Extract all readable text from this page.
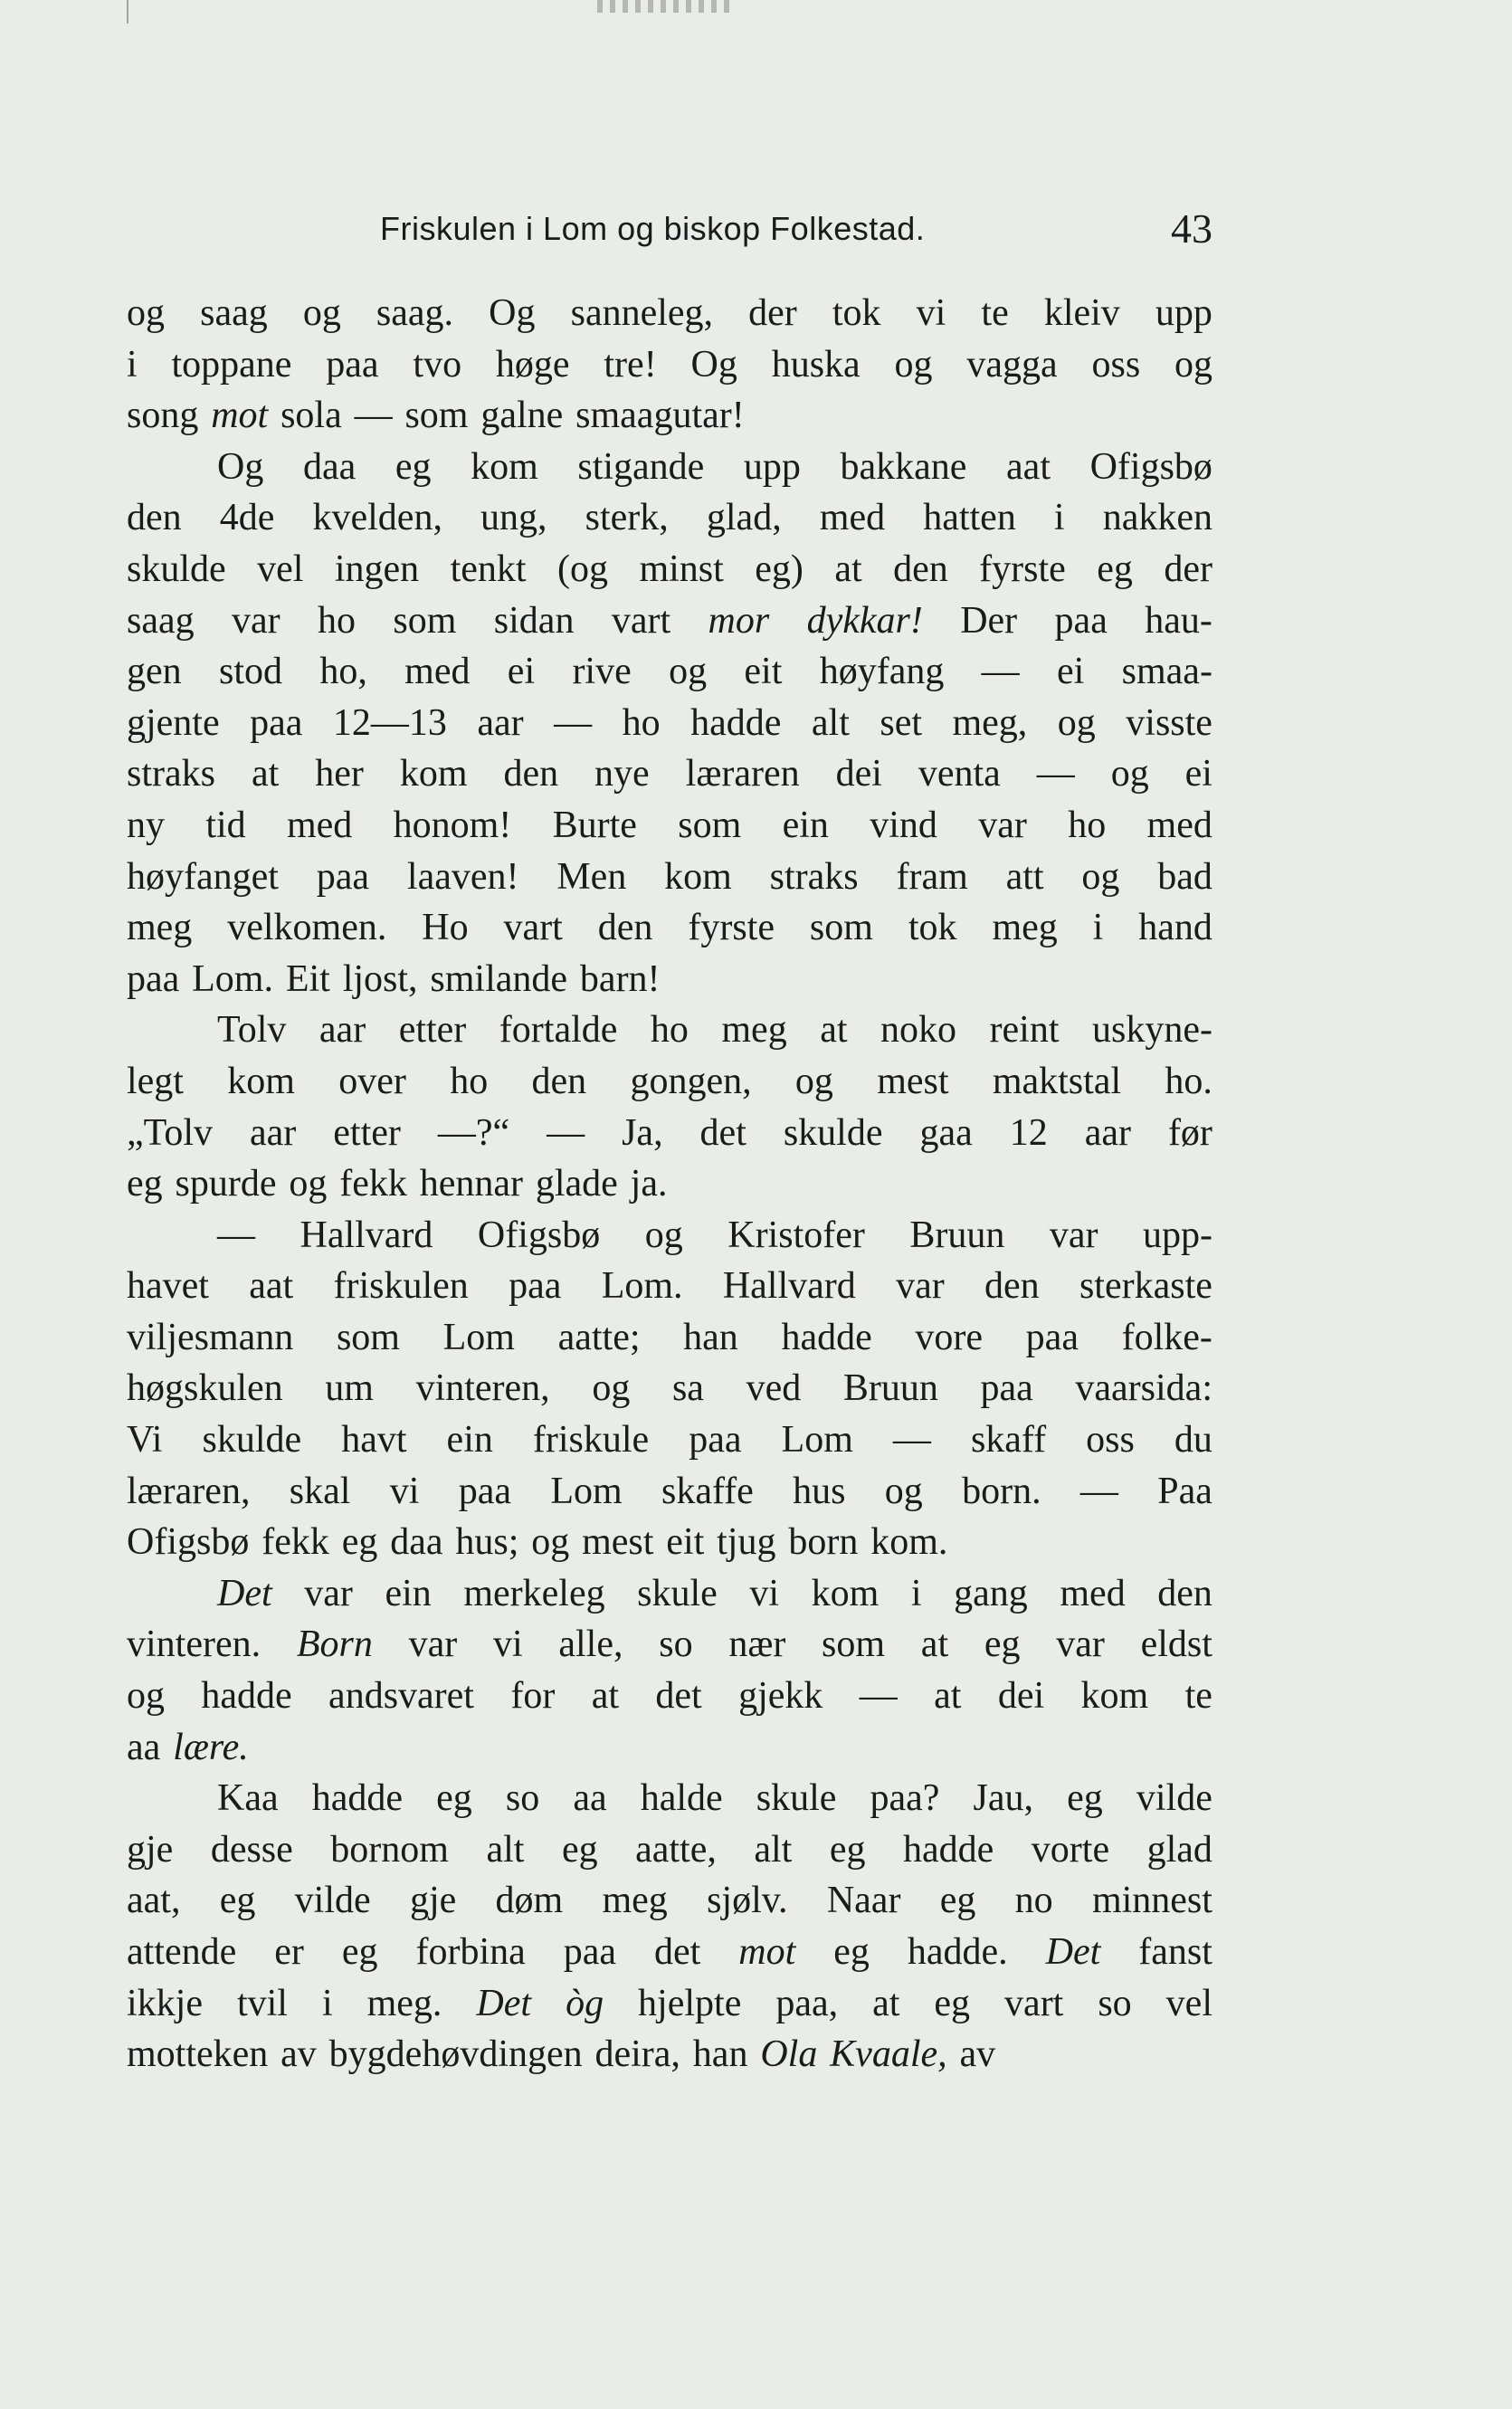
Friskulen i Lom og biskop Folkestad.	43
og saag og saag. Og sanneleg, der tok vi te kleiv upp
i toppane paa tvo høge tre! Og huska og vagga oss og
song mot sola — som galne smaagutar!
Og daa eg kom stigande upp bakkane aat Ofigsbø
den 4de kvelden, ung, sterk, glad, med hatten i nakken
skulde vel ingen tenkt (og minst eg) at den fyrste eg der
saag var ho som sidan vart mor dykkar! Der paa hau-
gen stod ho, med ei rive og eit høyfang — ei smaa-
gjente paa 12—13 aar — ho hadde alt set meg, og visste
straks at her kom den nye læraren dei venta — og ei
ny tid med honom! Burte som ein vind var ho med
høyfanget paa laaven! Men kom straks fram att og bad
meg velkomen. Ho vart den fyrste som tok meg i hand
paa Lom. Eit ljost, smilande barn!
Tolv aar etter fortalde ho meg at noko reint uskyne-
legt kom over ho den gongen, og mest maktstal ho.
„Tolv aar etter —?“ — Ja, det skulde gaa 12 aar før
eg spurde og fekk hennar glade ja.
— Hallvard Ofigsbø og Kristofer Bruun var upp-
havet aat friskulen paa Lom. Hallvard var den sterkaste
viljesmann som Lom aatte; han hadde vore paa folke-
høgskulen um vinteren, og sa ved Bruun paa vaarsida:
Vi skulde havt ein friskule paa Lom — skaff oss du
læraren, skal vi paa Lom skaffe hus og born. — Paa
Ofigsbø fekk eg daa hus; og mest eit tjug born kom.
Det var ein merkeleg skule vi kom i gang med den
vinteren. Born var vi alle, so nær som at eg var eldst
og hadde andsvaret for at det gjekk — at dei kom te
aa lære.
Kaa hadde eg so aa halde skule paa? Jau, eg vilde
gje desse bornom alt eg aatte, alt eg hadde vorte glad
aat, eg vilde gje døm meg sjølv. Naar eg no minnest
attende er eg forbina paa det mot eg hadde. Det fanst
ikkje tvil i meg. Det òg hjelpte paa, at eg vart so vel
motteken av bygdehøvdingen deira, han Ola Kvaale, av
